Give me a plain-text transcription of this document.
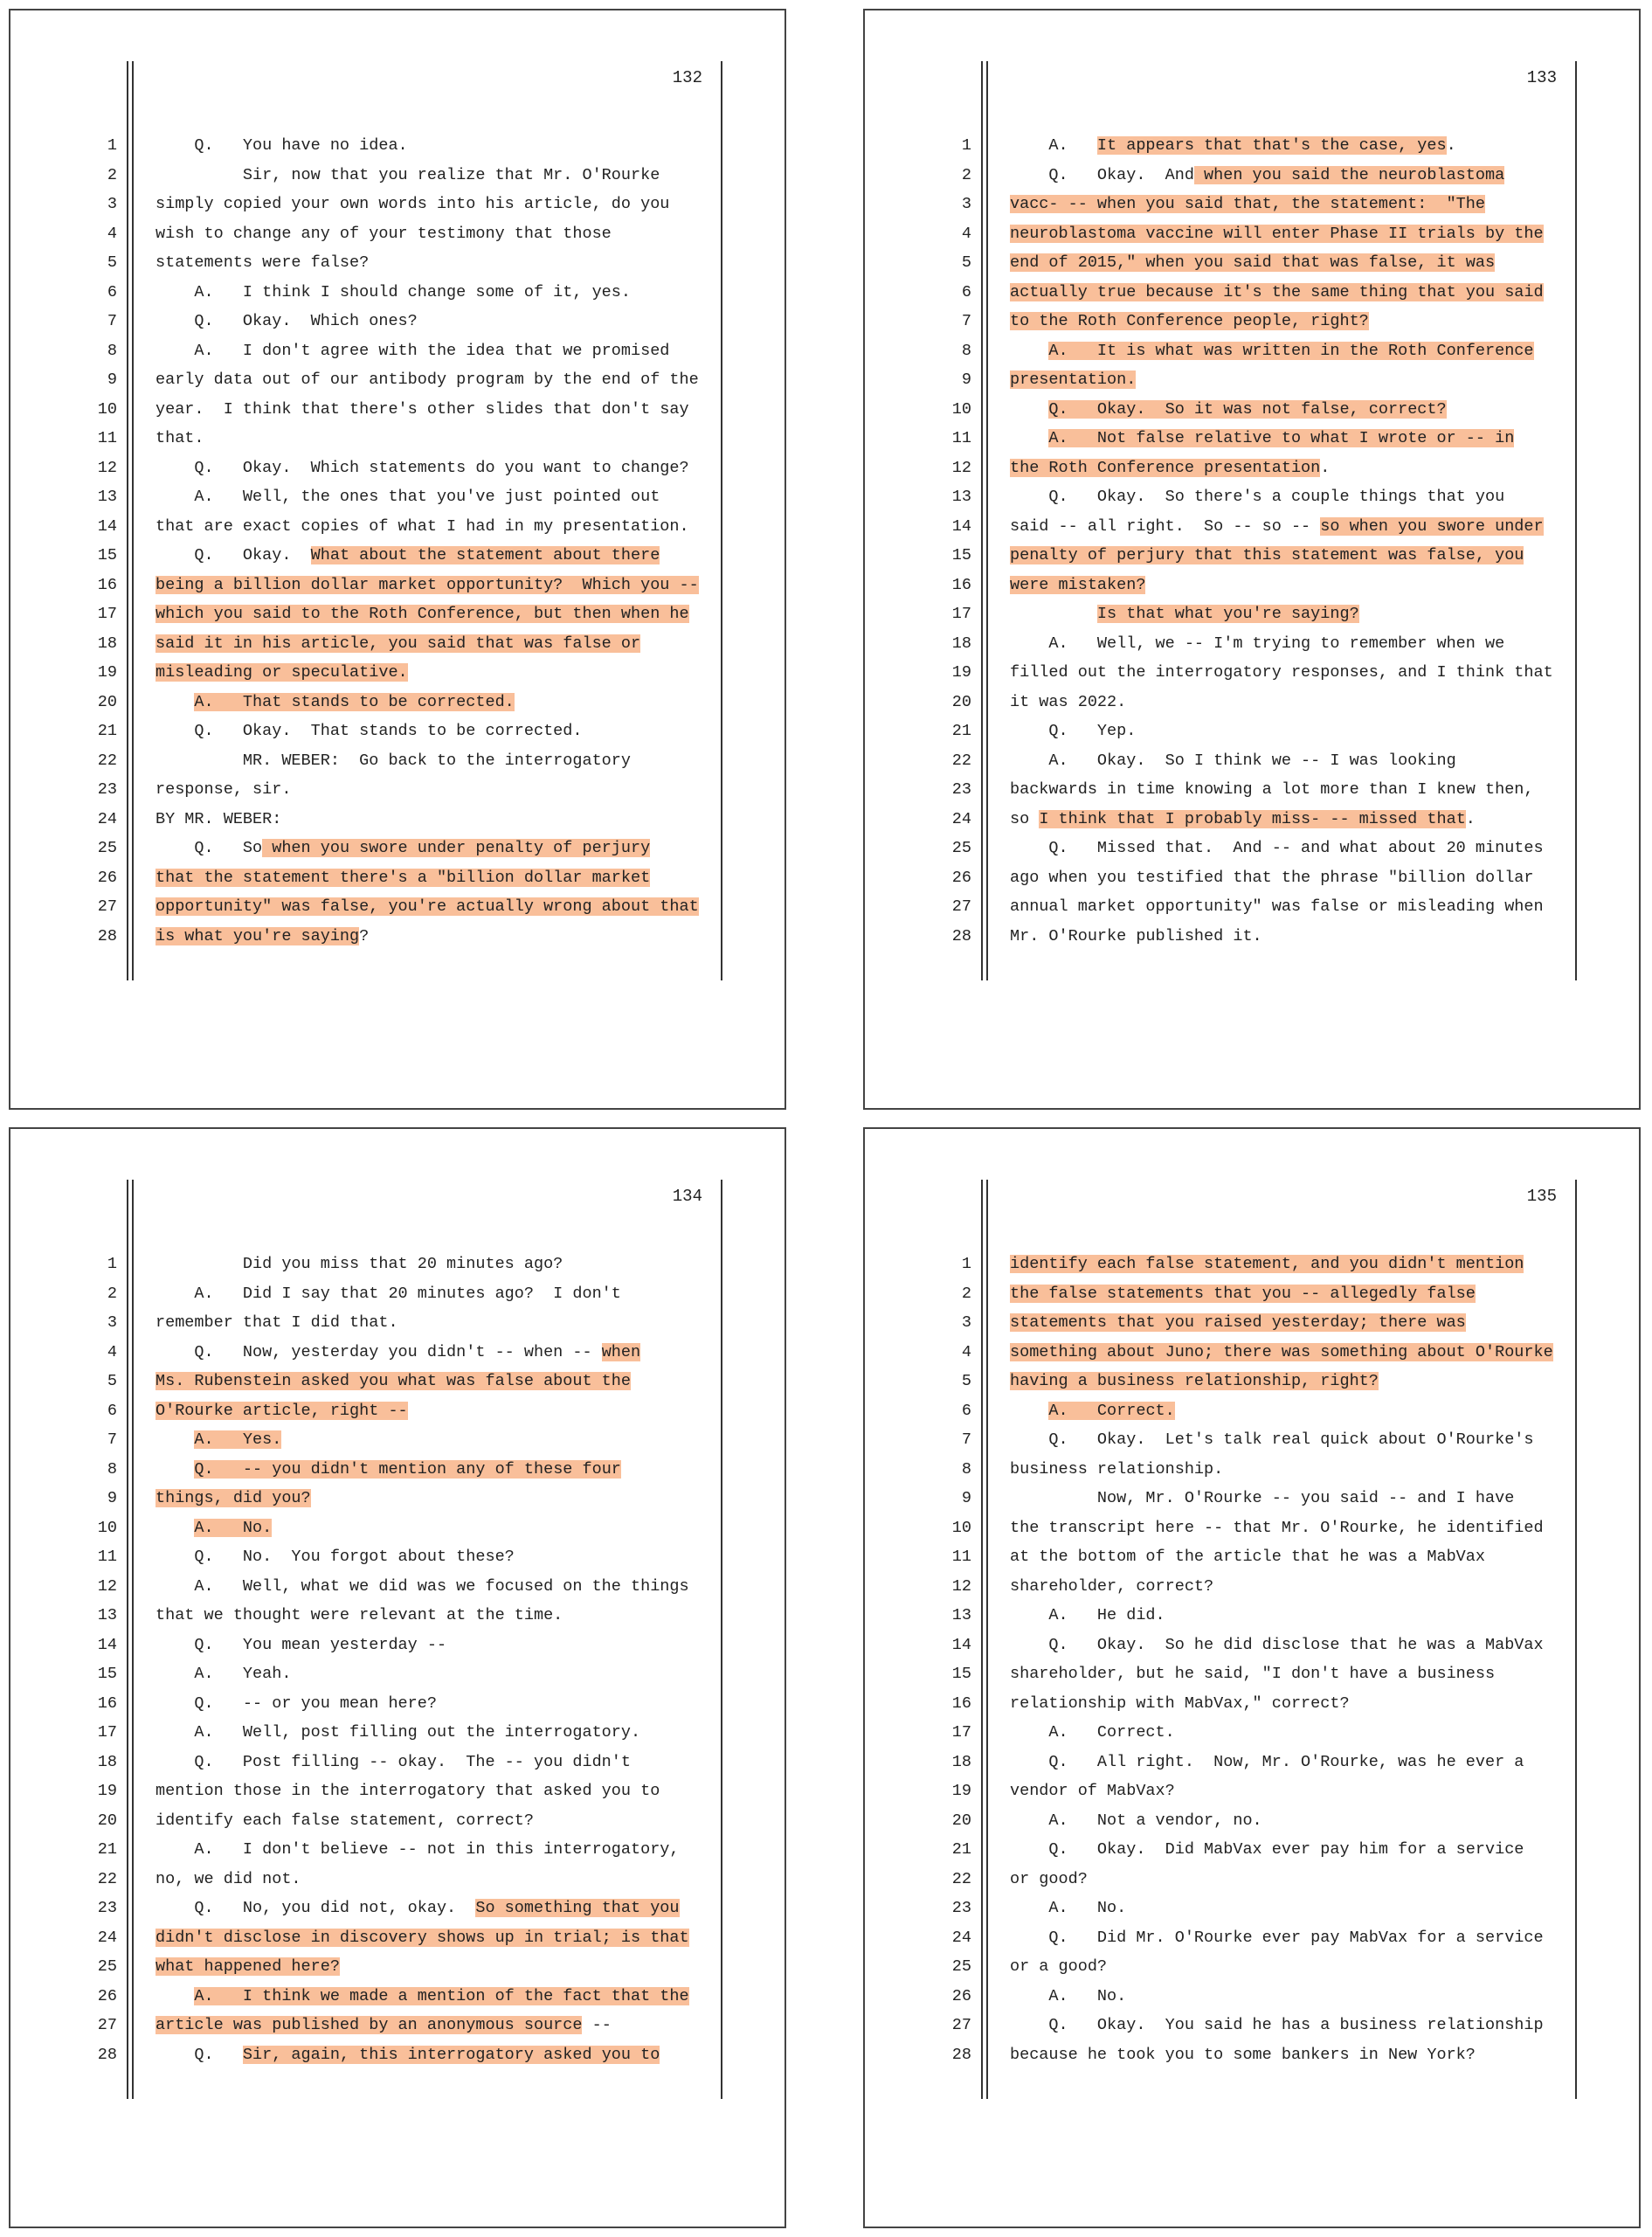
132
1 Q.   You have no idea.
2 Sir, now that you realize that Mr. O'Rourke
3 simply copied your own words into his article, do you
4 wish to change any of your testimony that those
5 statements were false?
6 A.   I think I should change some of it, yes.
7 Q.   Okay.  Which ones?
8 A.   I don't agree with the idea that we promised
9 early data out of our antibody program by the end of the
10 year.  I think that there's other slides that don't say
11 that.
12 Q.   Okay.  Which statements do you want to change?
13 A.   Well, the ones that you've just pointed out
14 that are exact copies of what I had in my presentation.
15 Q.   Okay.  What about the statement about there
16 being a billion dollar market opportunity?  Which you --
17 which you said to the Roth Conference, but then when he
18 said it in his article, you said that was false or
19 misleading or speculative.
20	A.   That stands to be corrected.
21 Q.   Okay.  That stands to be corrected.
22 MR. WEBER:  Go back to the interrogatory
23 response, sir.
24 BY MR. WEBER:
25 Q.   So when you swore under penalty of perjury
26 that the statement there's a "billion dollar market
27 opportunity" was false, you're actually wrong about that
28 is what you're saying?
133
1 A.   It appears that that's the case, yes.
2 Q.   Okay.  And when you said the neuroblastoma
3 vacc- -- when you said that, the statement:  "The
4 neuroblastoma vaccine will enter Phase II trials by the
5 end of 2015," when you said that was false, it was
6 actually true because it's the same thing that you said
7 to the Roth Conference people, right?
8	A.   It is what was written in the Roth Conference
9 presentation.
10	Q.   Okay.  So it was not false, correct?
11	A.   Not false relative to what I wrote or -- in
12 the Roth Conference presentation.
13 Q.   Okay.  So there's a couple things that you
14 said -- all right.  So -- so -- so when you swore under
15 penalty of perjury that this statement was false, you
16 were mistaken?
17	Is that what you're saying?
18 A.   Well, we -- I'm trying to remember when we
19 filled out the interrogatory responses, and I think that
20 it was 2022.
21 Q.   Yep.
22 A.   Okay.  So I think we -- I was looking
23 backwards in time knowing a lot more than I knew then,
24 so I think that I probably miss- -- missed that.
25 Q.   Missed that.  And -- and what about 20 minutes
26 ago when you testified that the phrase "billion dollar
27 annual market opportunity" was false or misleading when
28 Mr. O'Rourke published it.
134
1 Did you miss that 20 minutes ago?
2 A.   Did I say that 20 minutes ago?  I don't
3 remember that I did that.
4 Q.   Now, yesterday you didn't -- when -- when
5 Ms. Rubenstein asked you what was false about the
6 O'Rourke article, right --
7	A.   Yes.
8	Q.   -- you didn't mention any of these four
9 things, did you?
10	A.   No.
11 Q.   No.  You forgot about these?
12 A.   Well, what we did was we focused on the things
13 that we thought were relevant at the time.
14 Q.   You mean yesterday --
15 A.   Yeah.
16 Q.   -- or you mean here?
17 A.   Well, post filling out the interrogatory.
18 Q.   Post filling -- okay.  The -- you didn't
19 mention those in the interrogatory that asked you to
20 identify each false statement, correct?
21 A.   I don't believe -- not in this interrogatory,
22 no, we did not.
23 Q.   No, you did not, okay.  So something that you
24 didn't disclose in discovery shows up in trial; is that
25 what happened here?
26	A.   I think we made a mention of the fact that the
27 article was published by an anonymous source --
28 Q.   Sir, again, this interrogatory asked you to
135
1 identify each false statement, and you didn't mention
2 the false statements that you -- allegedly false
3 statements that you raised yesterday; there was
4 something about Juno; there was something about O'Rourke
5 having a business relationship, right?
6	A.   Correct.
7 Q.   Okay.  Let's talk real quick about O'Rourke's
8 business relationship.
9 Now, Mr. O'Rourke -- you said -- and I have
10 the transcript here -- that Mr. O'Rourke, he identified
11 at the bottom of the article that he was a MabVax
12 shareholder, correct?
13 A.   He did.
14 Q.   Okay.  So he did disclose that he was a MabVax
15 shareholder, but he said, "I don't have a business
16 relationship with MabVax," correct?
17 A.   Correct.
18 Q.   All right.  Now, Mr. O'Rourke, was he ever a
19 vendor of MabVax?
20 A.   Not a vendor, no.
21 Q.   Okay.  Did MabVax ever pay him for a service
22 or good?
23 A.   No.
24 Q.   Did Mr. O'Rourke ever pay MabVax for a service
25 or a good?
26 A.   No.
27 Q.   Okay.  You said he has a business relationship
28 because he took you to some bankers in New York?
